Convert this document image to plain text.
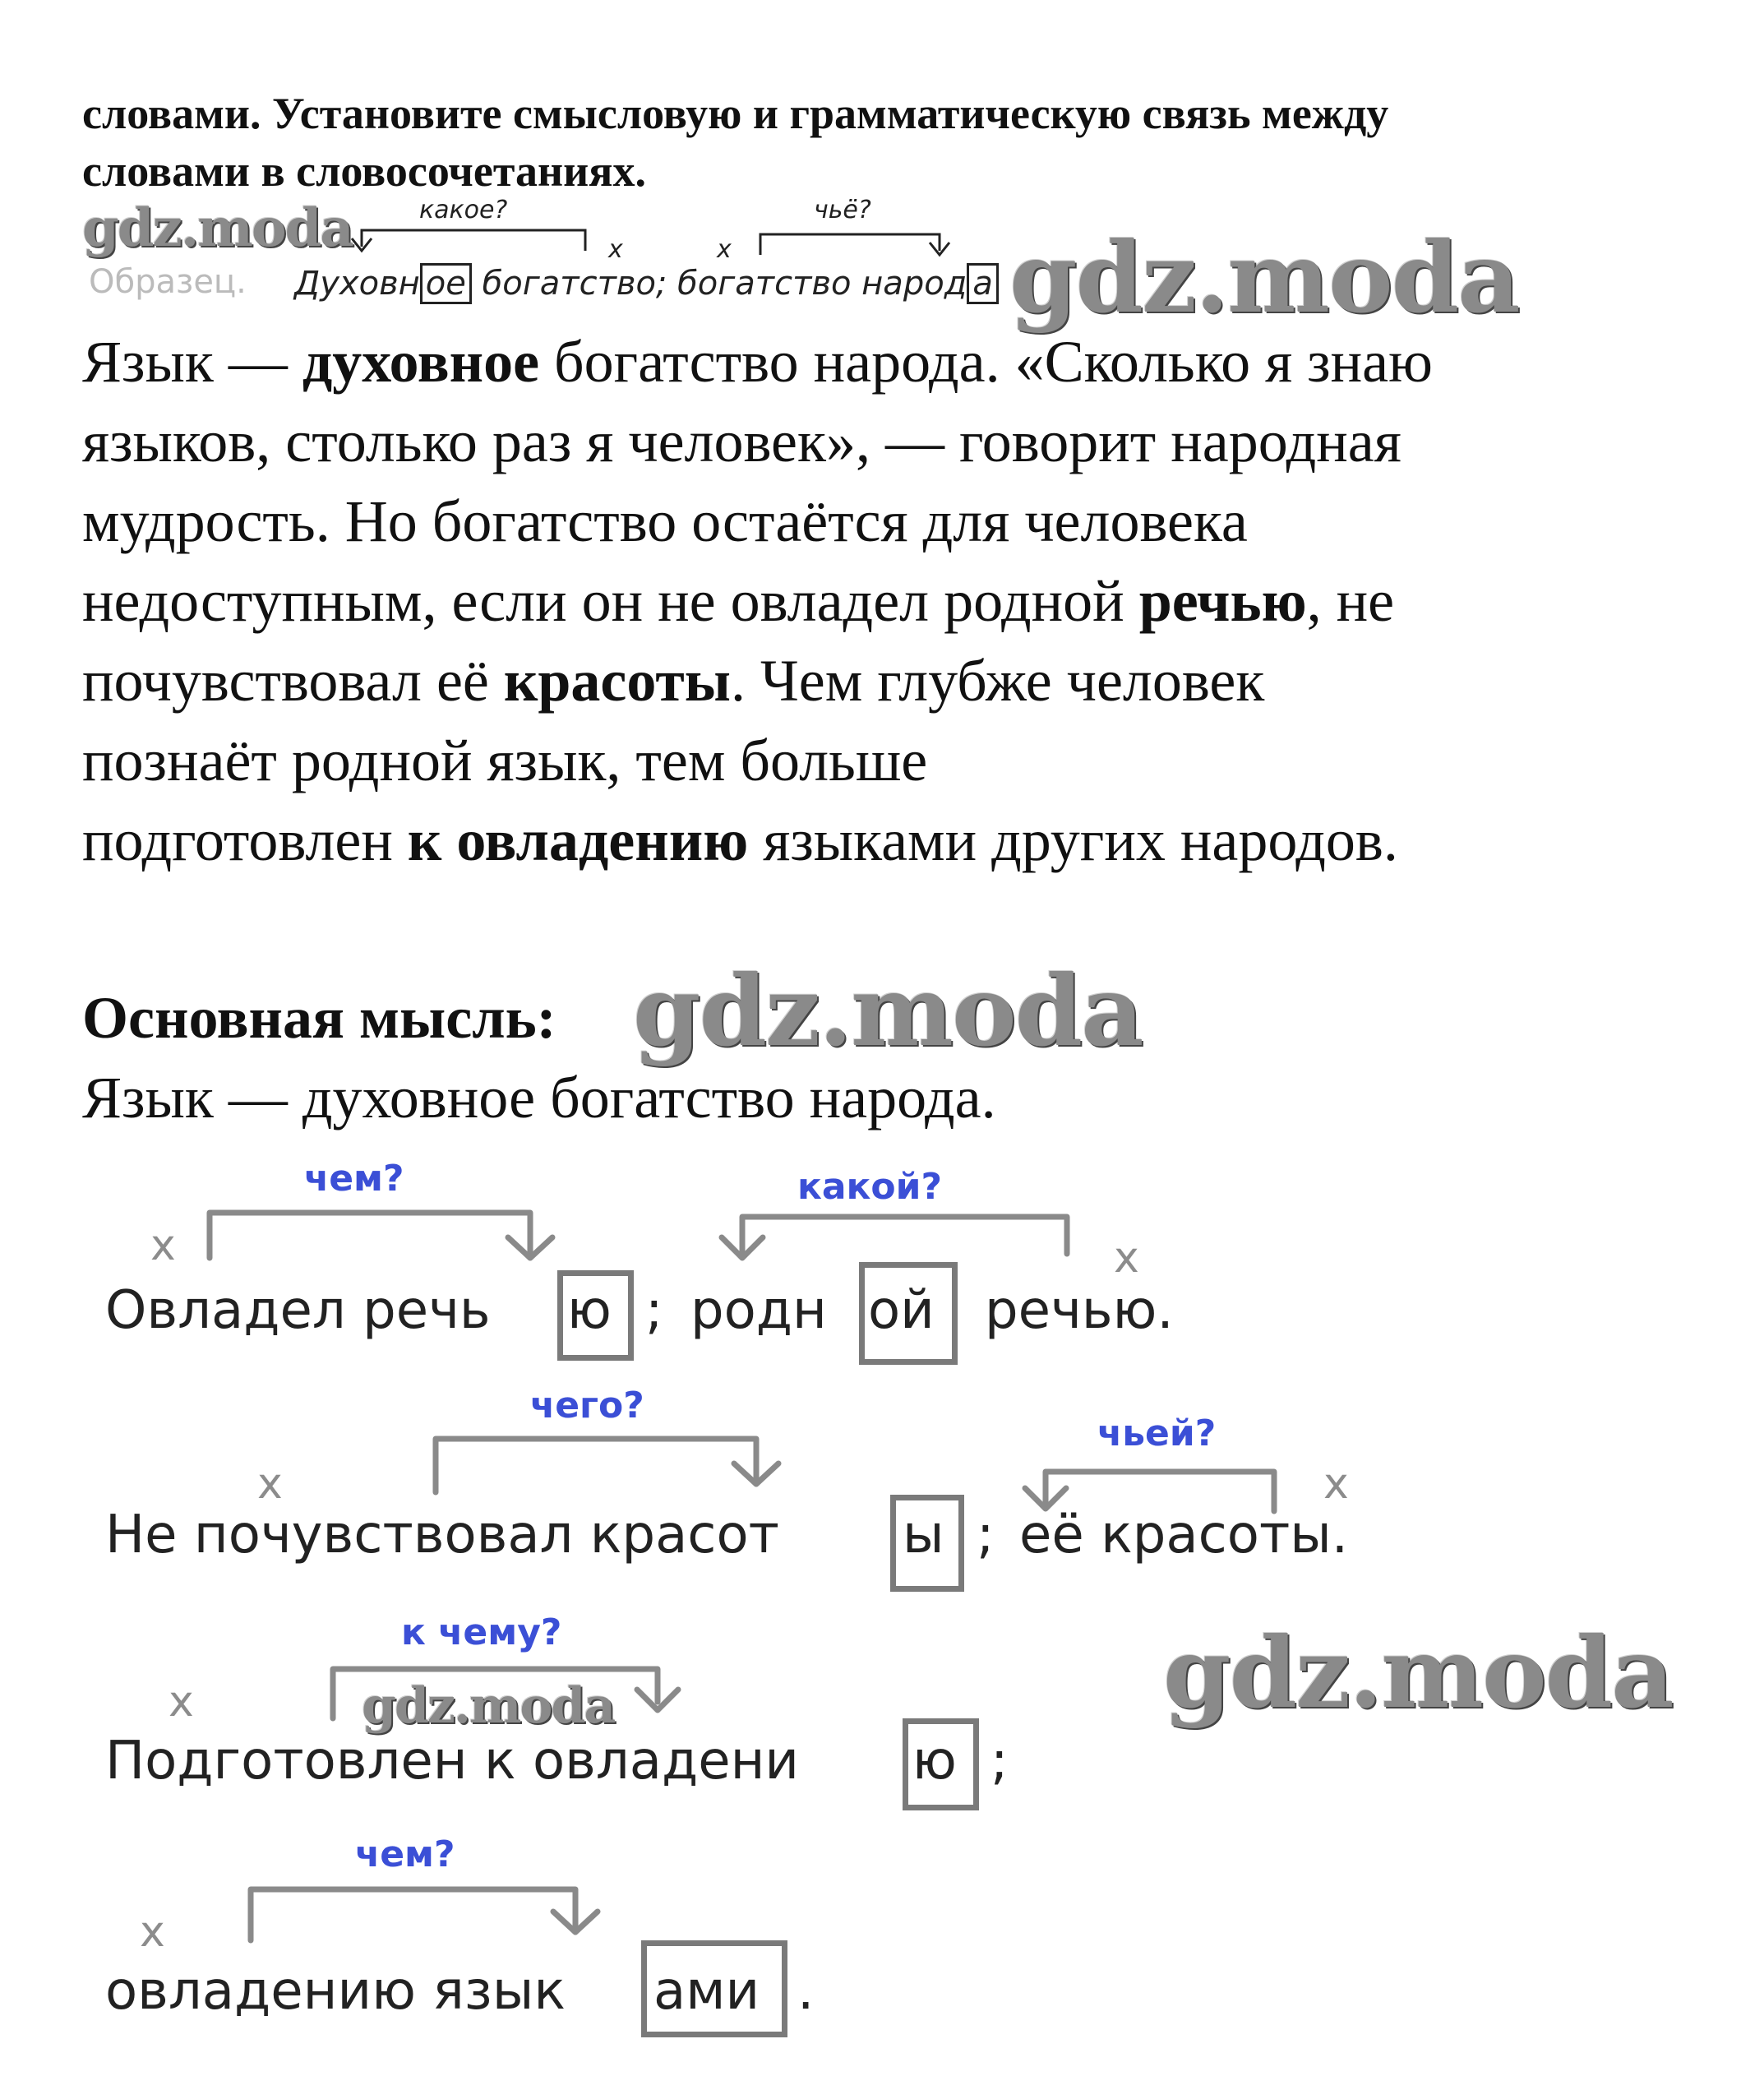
словами. Установите смысловую и грамматическую связь между
словами в словосочетаниях.
gdz.moda
Образец.
какое?	чьё?
x	x
Духовн ое богатство; богатство народ а gdz.moda
Язык — духовное богатство народа. «Сколько я знаю
языков, столько раз я человек», — говорит народная
мудрость. Но богатство остаётся для человека
недоступным, если он не овладел родной речью, не
почувствовал её красоты. Чем глубже человек
познаёт родной язык, тем больше
подготовлен к овладению языками других народов.
Основная мысль: gdz.moda
Язык — духовное богатство народа.
чем?	какой?
чего?
чьей?
к чему?
чем?
х	х
х	х
х
х
Овладел речь ю ; родн ой речью.
Не почувствовал красот ы ; её красоты.
gdz.moda	gdz.moda
Подготовлен к овладени ю ;
овладению язык ами .
